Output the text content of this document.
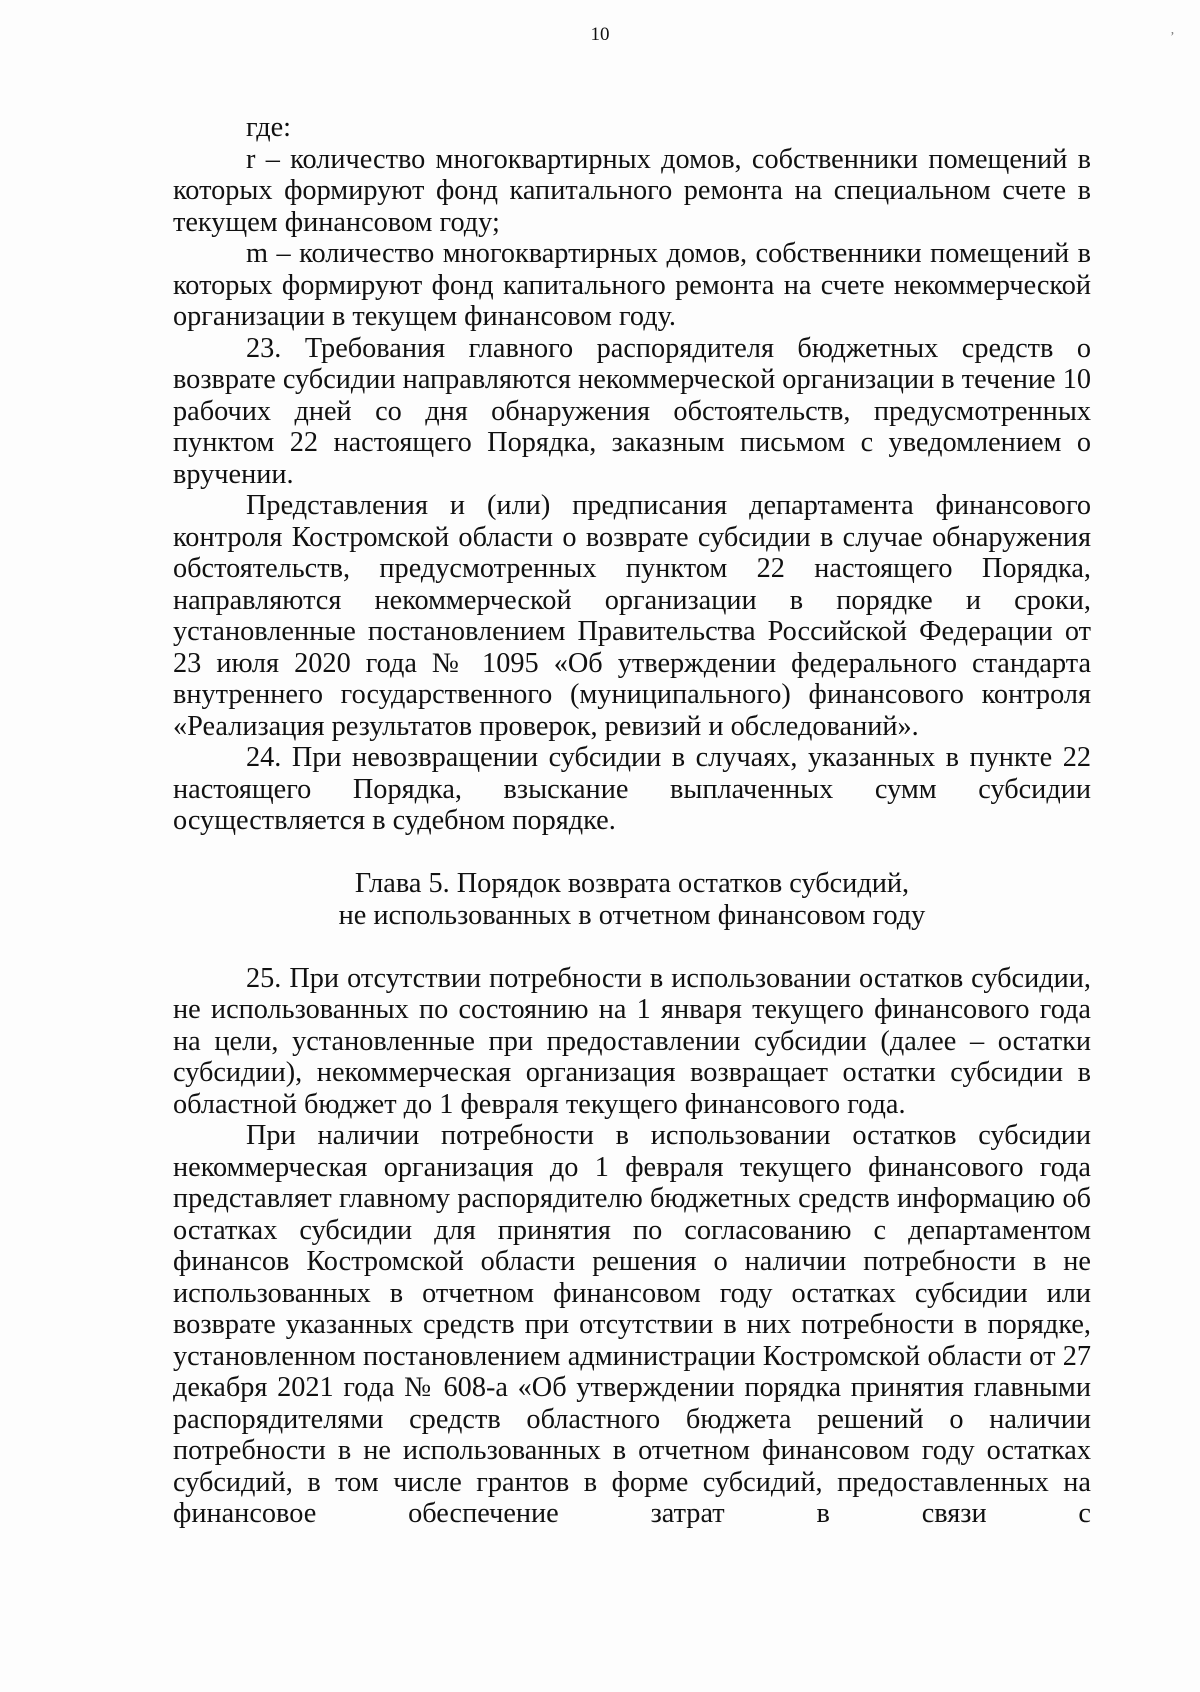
10	ʼ

где:

r – количество многоквартирных домов, собственники помещений в которых формируют фонд капитального ремонта на специальном счете в текущем финансовом году;

m – количество многоквартирных домов, собственники помещений в которых формируют фонд капитального ремонта на счете некоммерческой организации в текущем финансовом году.

23. Требования главного распорядителя бюджетных средств о возврате субсидии направляются некоммерческой организации в течение 10 рабочих дней со дня обнаружения обстоятельств, предусмотренных пунктом 22 настоящего Порядка, заказным письмом с уведомлением о вручении.

Представления и (или) предписания департамента финансового контроля Костромской области о возврате субсидии в случае обнаружения обстоятельств, предусмотренных пунктом 22 настоящего Порядка, направляются некоммерческой организации в порядке и сроки, установленные постановлением Правительства Российской Федерации от 23 июля 2020 года № 1095 «Об утверждении федерального стандарта внутреннего государственного (муниципального) финансового контроля «Реализация результатов проверок, ревизий и обследований».

24. При невозвращении субсидии в случаях, указанных в пункте 22 настоящего Порядка, взыскание выплаченных сумм субсидии осуществляется в судебном порядке.

Глава 5. Порядок возврата остатков субсидий,
не использованных в отчетном финансовом году

25. При отсутствии потребности в использовании остатков субсидии, не использованных по состоянию на 1 января текущего финансового года на цели, установленные при предоставлении субсидии (далее – остатки субсидии), некоммерческая организация возвращает остатки субсидии в областной бюджет до 1 февраля текущего финансового года.

При наличии потребности в использовании остатков субсидии некоммерческая организация до 1 февраля текущего финансового года представляет главному распорядителю бюджетных средств информацию об остатках субсидии для принятия по согласованию с департаментом финансов Костромской области решения о наличии потребности в не использованных в отчетном финансовом году остатках субсидии или возврате указанных средств при отсутствии в них потребности в порядке, установленном постановлением администрации Костромской области от 27 декабря 2021 года № 608-а «Об утверждении порядка принятия главными распорядителями средств областного бюджета решений о наличии потребности в не использованных в отчетном финансовом году остатках субсидий, в том числе грантов в форме субсидий, предоставленных на финансовое обеспечение затрат в связи с
